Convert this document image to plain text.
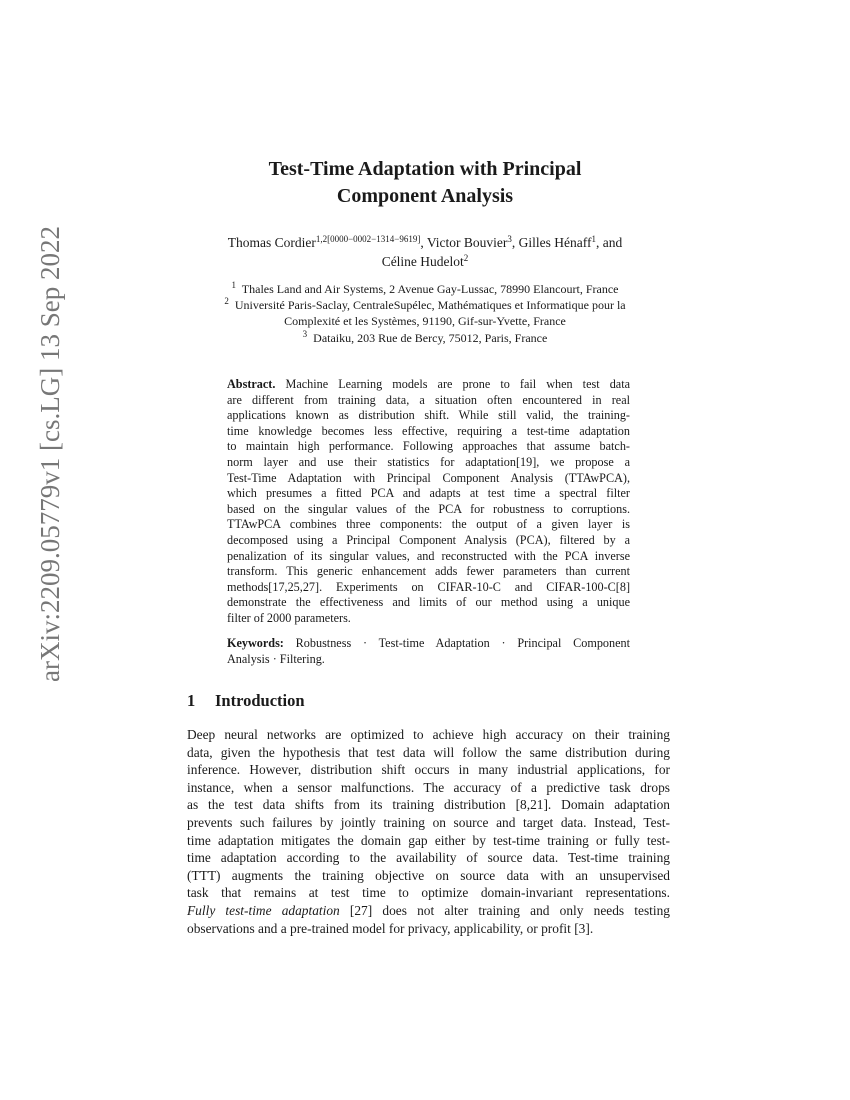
arXiv:2209.05779v1 [cs.LG] 13 Sep 2022
Test-Time Adaptation with Principal
Component Analysis
Thomas Cordier$^{1,2[0000-0002-1314-9619]}$, Victor Bouvier$^3$, Gilles Hénaff$^1$, and
Céline Hudelot$^2$
$^1$ Thales Land and Air Systems, 2 Avenue Gay-Lussac, 78990 Elancourt, France
$^2$ Université Paris-Saclay, CentraleSupélec, Mathématiques et Informatique pour la
Complexité et les Systèmes, 91190, Gif-sur-Yvette, France
$^3$ Dataiku, 203 Rue de Bercy, 75012, Paris, France
Abstract. Machine Learning models are prone to fail when test data
are different from training data, a situation often encountered in real
applications known as distribution shift. While still valid, the training-
time knowledge becomes less effective, requiring a test-time adaptation
to maintain high performance. Following approaches that assume batch-
norm layer and use their statistics for adaptation[19], we propose a
Test-Time Adaptation with Principal Component Analysis (TTAwPCA),
which presumes a fitted PCA and adapts at test time a spectral filter
based on the singular values of the PCA for robustness to corruptions.
TTAwPCA combines three components: the output of a given layer is
decomposed using a Principal Component Analysis (PCA), filtered by a
penalization of its singular values, and reconstructed with the PCA inverse
transform. This generic enhancement adds fewer parameters than current
methods[17,25,27]. Experiments on CIFAR-10-C and CIFAR-100-C[8]
demonstrate the effectiveness and limits of our method using a unique
filter of 2000 parameters.
Keywords: Robustness · Test-time Adaptation · Principal Component
Analysis · Filtering.
1 Introduction
Deep neural networks are optimized to achieve high accuracy on their training
data, given the hypothesis that test data will follow the same distribution during
inference. However, distribution shift occurs in many industrial applications, for
instance, when a sensor malfunctions. The accuracy of a predictive task drops
as the test data shifts from its training distribution [8,21]. Domain adaptation
prevents such failures by jointly training on source and target data. Instead, Test-
time adaptation mitigates the domain gap either by test-time training or fully test-
time adaptation according to the availability of source data. Test-time training
(TTT) augments the training objective on source data with an unsupervised
task that remains at test time to optimize domain-invariant representations.
Fully test-time adaptation [27] does not alter training and only needs testing
observations and a pre-trained model for privacy, applicability, or profit [3].
